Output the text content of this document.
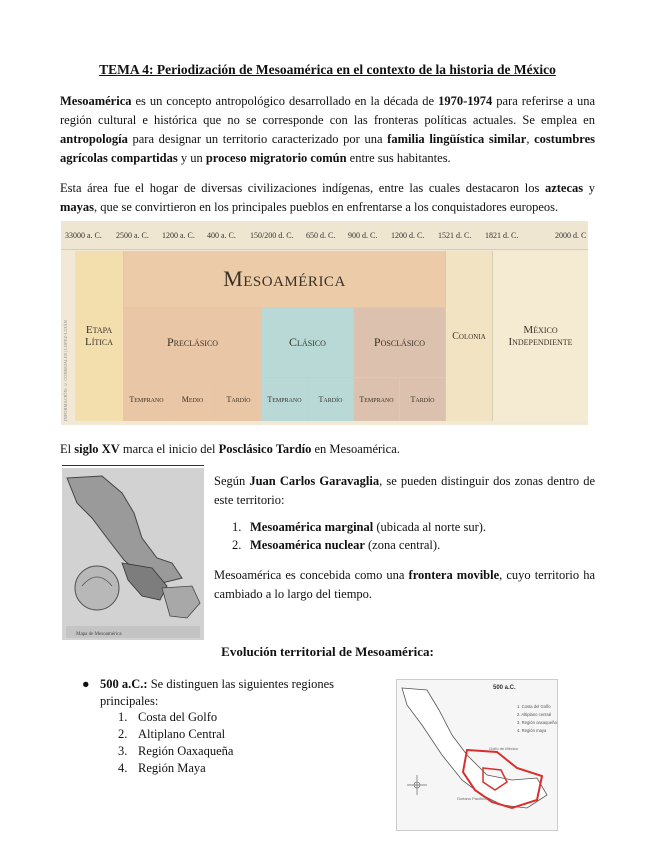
TEMA 4: Periodización de Mesoamérica en el contexto de la historia de México
Mesoamérica es un concepto antropológico desarrollado en la década de 1970-1974 para referirse a una región cultural e histórica que no se corresponde con las fronteras políticas actuales. Se emplea en antropología para designar un territorio caracterizado por una familia lingüística similar, costumbres agrícolas compartidas y un proceso migratorio común entre sus habitantes.
Esta área fue el hogar de diversas civilizaciones indígenas, entre las cuales destacaron los aztecas y mayas, que se convirtieron en los principales pueblos en enfrentarse a los conquistadores europeos.
33000 a. C. 2500 a. C. 1200 a. C. 400 a. C. 150/200 d. C. 650 d. C. 900 d. C. 1200 d. C. 1521 d. C. 1821 d. C.	2000 d. C
INFORMACIÓN: © CONSEJALES | LOPEZ-LUJÁN	Etapa Lítica
Mesoamérica
Preclásico	Clásico	Posclásico
Temprano	Medio	Tardío	Temprano	Tardío	Temprano	Tardío
Colonia	México Independiente
El siglo XV marca el inicio del Posclásico Tardío en Mesoamérica.
Mapa de Mesoamérica
Según Juan Carlos Garavaglia, se pueden distinguir dos zonas dentro de este territorio:
1. Mesoamérica marginal (ubicada al norte sur).
2. Mesoamérica nuclear (zona central).
Mesoamérica es concebida como una frontera movible, cuyo territorio ha cambiado a lo largo del tiempo.
Evolución territorial de Mesoamérica:
● 500 a.C.: Se distinguen las siguientes regiones principales:
1. Costa del Golfo
2. Altiplano Central
3. Región Oaxaqueña
4. Región Maya
500 a.C.
1. Costa del Golfo
2. Altiplano central
3. Región oaxaqueña
4. Región maya
Golfo de México
Océano Pacífico
